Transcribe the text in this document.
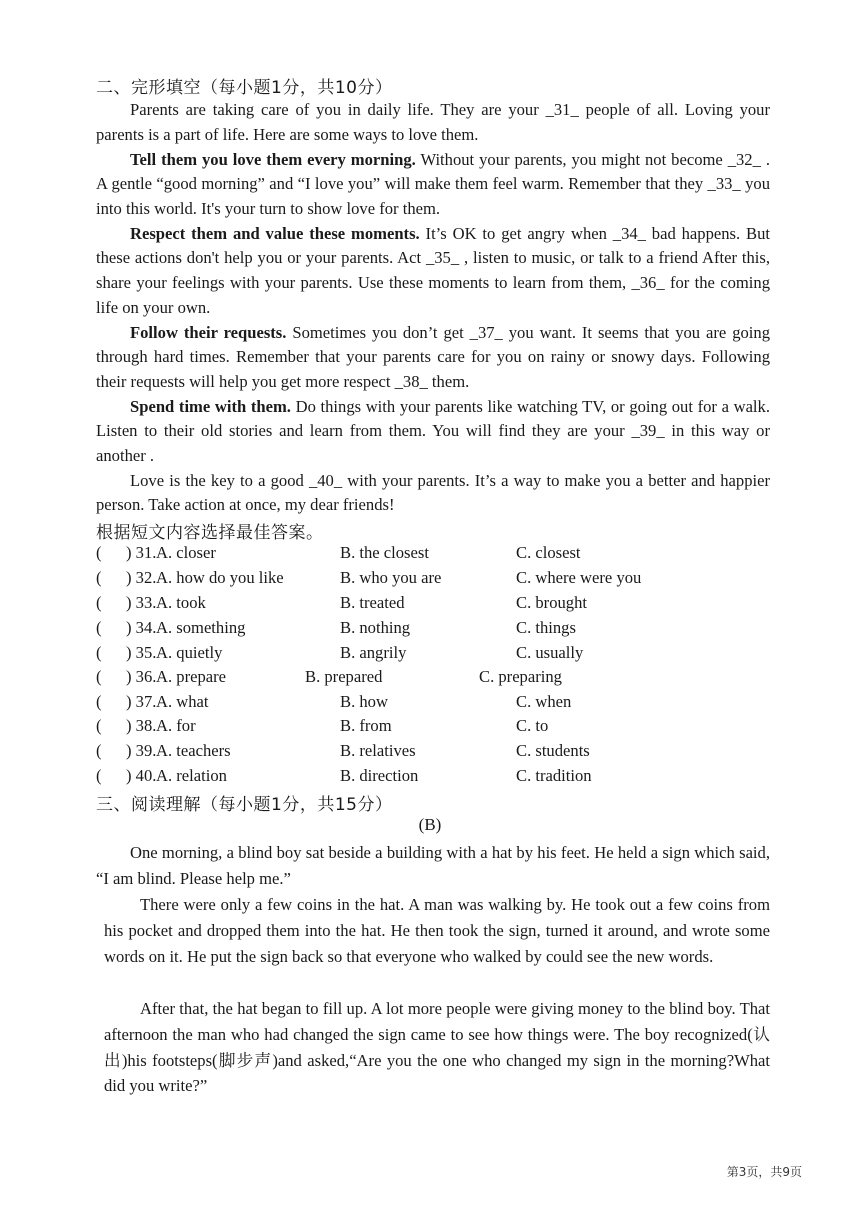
二、完形填空（每小题1分，共10分）
Parents are taking care of you in daily life. They are your _31_ people of all. Loving your parents is a part of life. Here are some ways to love them.
Tell them you love them every morning. Without your parents, you might not become _32_ . A gentle “good morning” and “I love you” will make them feel warm. Remember that they _33_ you into this world. It's your turn to show love for them.
Respect them and value these moments. It’s OK to get angry when _34_ bad happens. But these actions don't help you or your parents. Act _35_ , listen to music, or talk to a friend After this, share your feelings with your parents. Use these moments to learn from them, _36_ for the coming life on your own.
Follow their requests. Sometimes you don’t get _37_ you want. It seems that you are going through hard times. Remember that your parents care for you on rainy or snowy days. Following their requests will help you get more respect _38_ them.
Spend time with them. Do things with your parents like watching TV, or going out for a walk. Listen to their old stories and learn from them. You will find they are your _39_ in this way or another .
Love is the key to a good _40_ with your parents. It’s a way to make you a better and happier person. Take action at once, my dear friends!
根据短文内容选择最佳答案。
( ) 31. A. closer	B. the closest	C. closest
( ) 32. A. how do you like	B. who you are	C. where were you
( ) 33. A. took	B. treated	C. brought
( ) 34. A. something	B. nothing	C. things
( ) 35. A. quietly	B. angrily	C. usually
( ) 36. A. prepare	B. prepared	C. preparing
( ) 37. A. what	B. how	C. when
( ) 38. A. for	B. from	C. to
( ) 39. A. teachers	B. relatives	C. students
( ) 40. A. relation	B. direction	C. tradition
三、阅读理解（每小题1分，共15分）
(B)
One morning, a blind boy sat beside a building with a hat by his feet. He held a sign which said, “I am blind. Please help me.”
There were only a few coins in the hat. A man was walking by. He took out a few coins from his pocket and dropped them into the hat. He then took the sign, turned it around, and wrote some words on it. He put the sign back so that everyone who walked by could see the new words.
After that, the hat began to fill up. A lot more people were giving money to the blind boy. That afternoon the man who had changed the sign came to see how things were. The boy recognized(认出)his footsteps(脚步声)and asked,“Are you the one who changed my sign in the morning?What did you write?”
第3页，共9页
